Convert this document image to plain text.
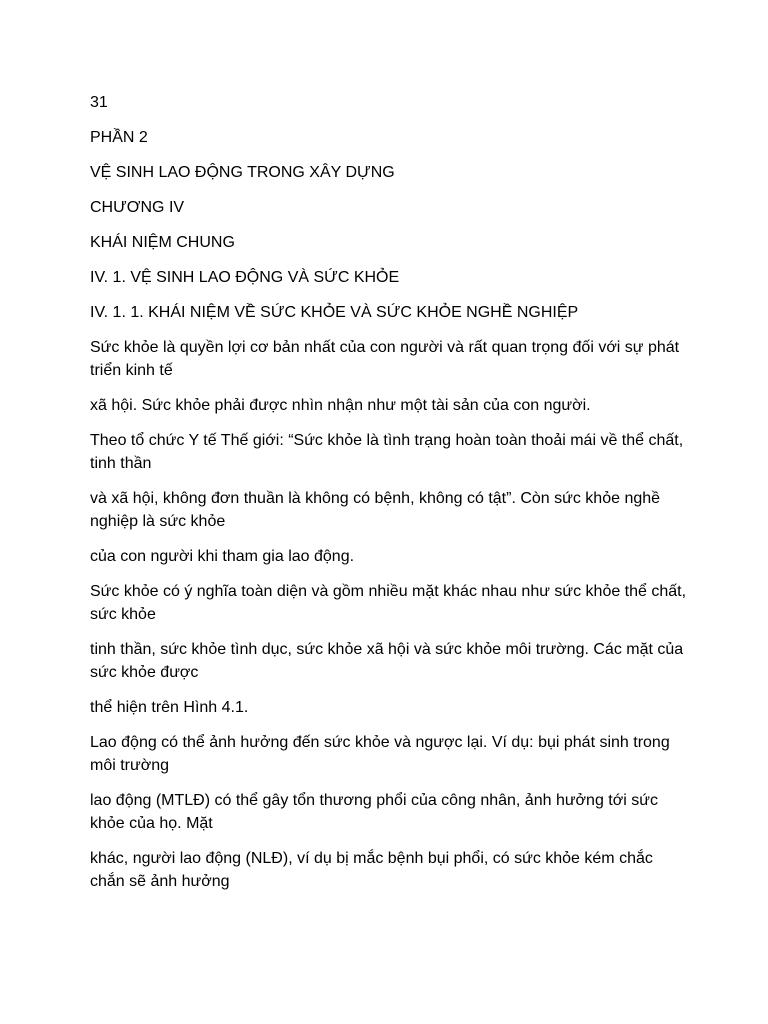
31

PHẦN 2

VỆ SINH LAO ĐỘNG TRONG XÂY DỰNG

CHƯƠNG IV

KHÁI NIỆM CHUNG

IV. 1. VỆ SINH LAO ĐỘNG VÀ SỨC KHỎE

IV. 1. 1. KHÁI NIỆM VỀ SỨC KHỎE VÀ SỨC KHỎE NGHỀ NGHIỆP

Sức khỏe là quyền lợi cơ bản nhất của con người và rất quan trọng đối với sự phát triển kinh tế

xã hội. Sức khỏe phải được nhìn nhận như một tài sản của con người.

Theo tổ chức Y tế Thế giới: “Sức khỏe là tình trạng hoàn toàn thoải mái về thể chất, tinh thần

và xã hội, không đơn thuần là không có bệnh, không có tật”. Còn sức khỏe nghề nghiệp là sức khỏe

của con người khi tham gia lao động.

Sức khỏe có ý nghĩa toàn diện và gồm nhiều mặt khác nhau như sức khỏe thể chất, sức khỏe

tinh thần, sức khỏe tình dục, sức khỏe xã hội và sức khỏe môi trường. Các mặt của sức khỏe được

thể hiện trên Hình 4.1.

Lao động có thể ảnh hưởng đến sức khỏe và ngược lại. Ví dụ: bụi phát sinh trong môi trường

lao động (MTLĐ) có thể gây tổn thương phổi của công nhân, ảnh hưởng tới sức khỏe của họ. Mặt

khác, người lao động (NLĐ), ví dụ bị mắc bệnh bụi phổi, có sức khỏe kém chắc chắn sẽ ảnh hưởng
